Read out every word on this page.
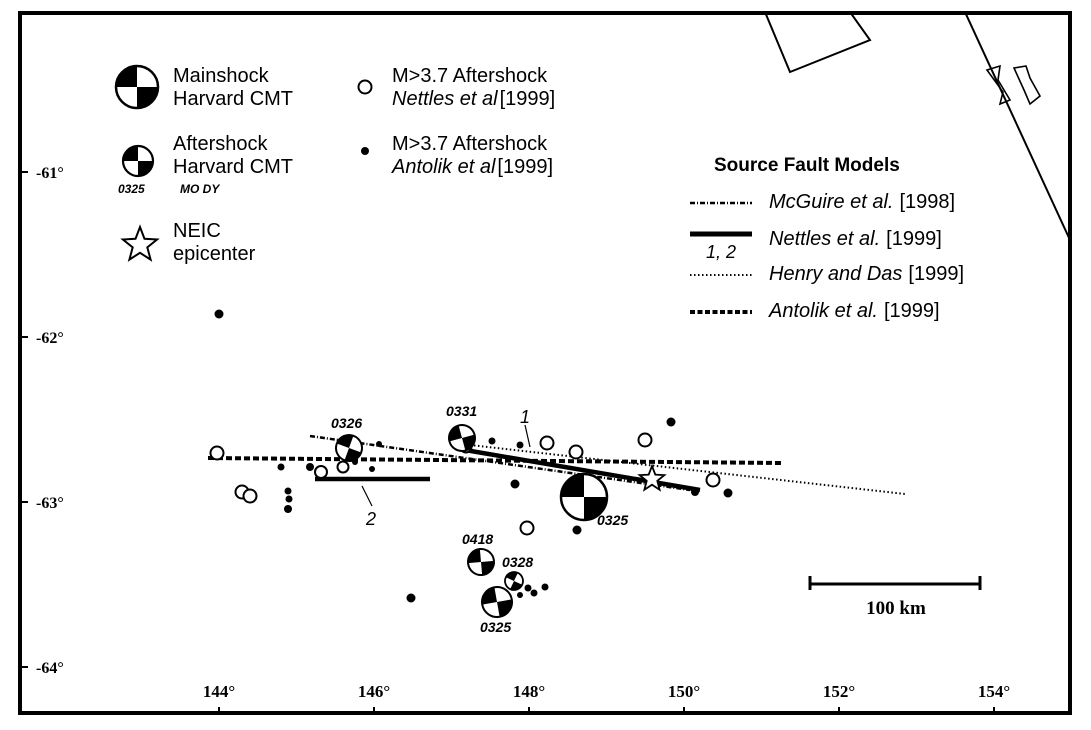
144°	146°	148°	150°	152°	154°
-61°
-62°
-63°
-64°
Mainshock
Harvard CMT
Aftershock
Harvard CMT
0325	MO DY
NEIC
epicenter
M>3.7 Aftershock
Nettles et al [1999]
M>3.7 Aftershock
Antolik et al [1999]	Source Fault Models
McGuire et al. [1998]
1, 2
Nettles et al. [1999]
Henry and Das [1999]
Antolik et al. [1999]
1
2
0326
0331
0325
0418
0328
0325
100 km
